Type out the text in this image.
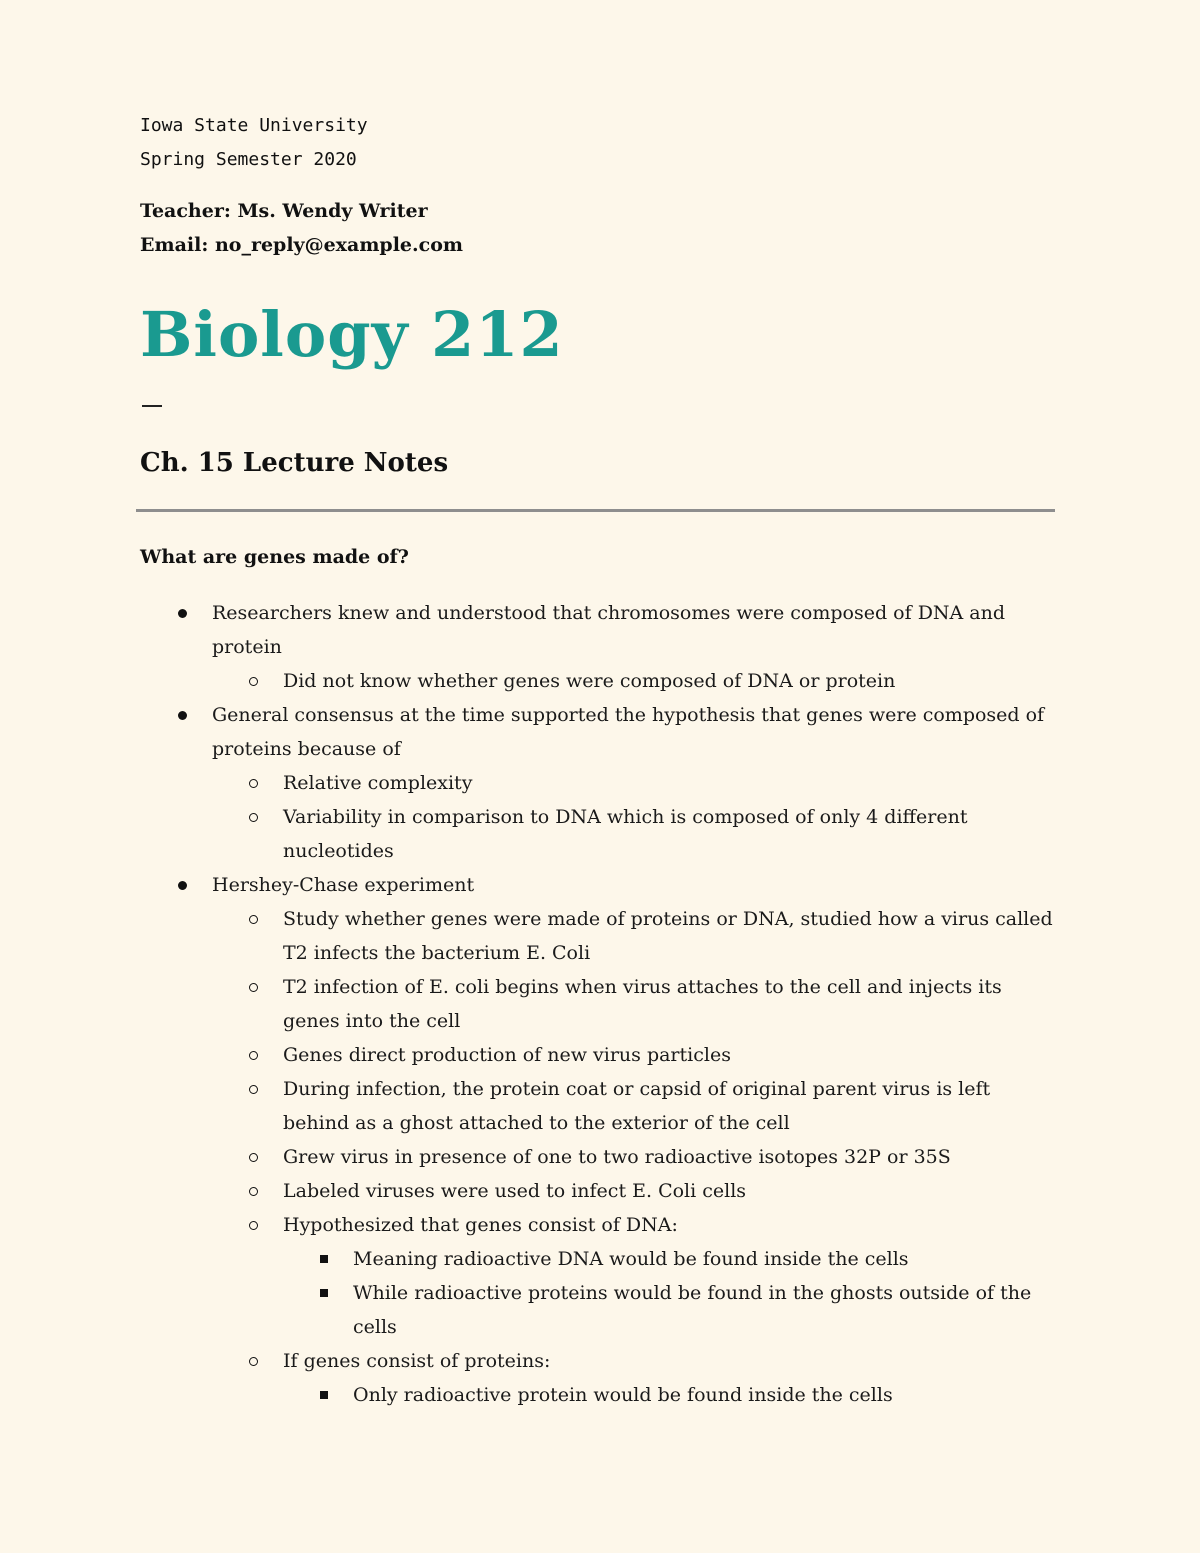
Iowa State University
Spring Semester 2020
Teacher: Ms. Wendy Writer
Email: no_reply@example.com
Biology 212
Ch. 15 Lecture Notes
What are genes made of?
Researchers knew and understood that chromosomes were composed of DNA and protein
Did not know whether genes were composed of DNA or protein
General consensus at the time supported the hypothesis that genes were composed of proteins because of
Relative complexity
Variability in comparison to DNA which is composed of only 4 different nucleotides
Hershey-Chase experiment
Study whether genes were made of proteins or DNA, studied how a virus called T2 infects the bacterium E. Coli
T2 infection of E. coli begins when virus attaches to the cell and injects its genes into the cell
Genes direct production of new virus particles
During infection, the protein coat or capsid of original parent virus is left behind as a ghost attached to the exterior of the cell
Grew virus in presence of one to two radioactive isotopes 32P or 35S
Labeled viruses were used to infect E. Coli cells
Hypothesized that genes consist of DNA:
Meaning radioactive DNA would be found inside the cells
While radioactive proteins would be found in the ghosts outside of the cells
If genes consist of proteins:
Only radioactive protein would be found inside the cells
